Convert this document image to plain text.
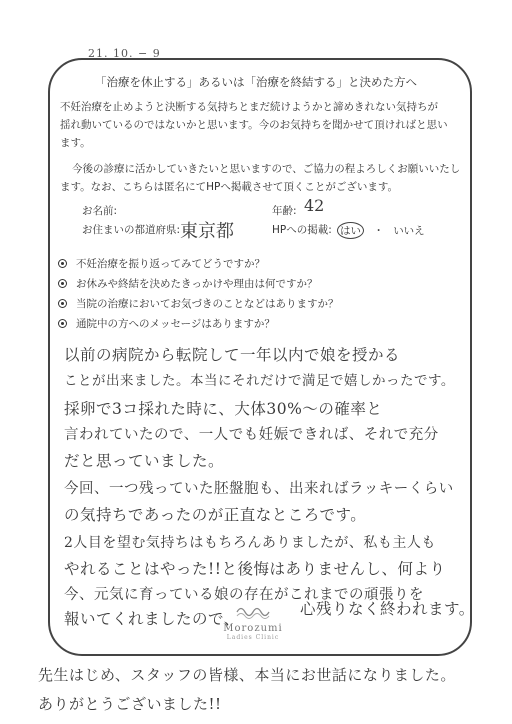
21. 10. − 9
「治療を休止する」あるいは「治療を終結する」と決めた方へ
不妊治療を止めようと決断する気持ちとまだ続けようかと諦めきれない気持ちが
揺れ動いているのではないかと思います。今のお気持ちを聞かせて頂ければと思い
ます。
今後の診療に活かしていきたいと思いますので、ご協力の程よろしくお願いいたし
ます。なお、こちらは匿名にてHPへ掲載させて頂くことがございます。
お名前:	年齢: 42
お住まいの都道府県: 東京都	HPへの掲載: はい ・ いいえ
不妊治療を振り返ってみてどうですか？
お休みや終結を決めたきっかけや理由は何ですか？
当院の治療においてお気づきのことなどはありますか？
通院中の方へのメッセージはありますか？
以前の病院から転院して一年以内で娘を授かる
ことが出来ました。本当にそれだけで満足で嬉しかったです。
採卵で3コ採れた時に、大体30%〜の確率と
言われていたので、一人でも妊娠できれば、それで充分
だと思っていました。
今回、一つ残っていた胚盤胞も、出来ればラッキーくらい
の気持ちであったのが正直なところです。
2人目を望む気持ちはもちろんありましたが、私も主人も
やれることはやった!!と後悔はありませんし、何より
今、元気に育っている娘の存在がこれまでの頑張りを
報いてくれましたので、
心残りなく終われます。
Morozumi
Ladies Clinic
先生はじめ、スタッフの皆様、本当にお世話になりました。
ありがとうございました!!
